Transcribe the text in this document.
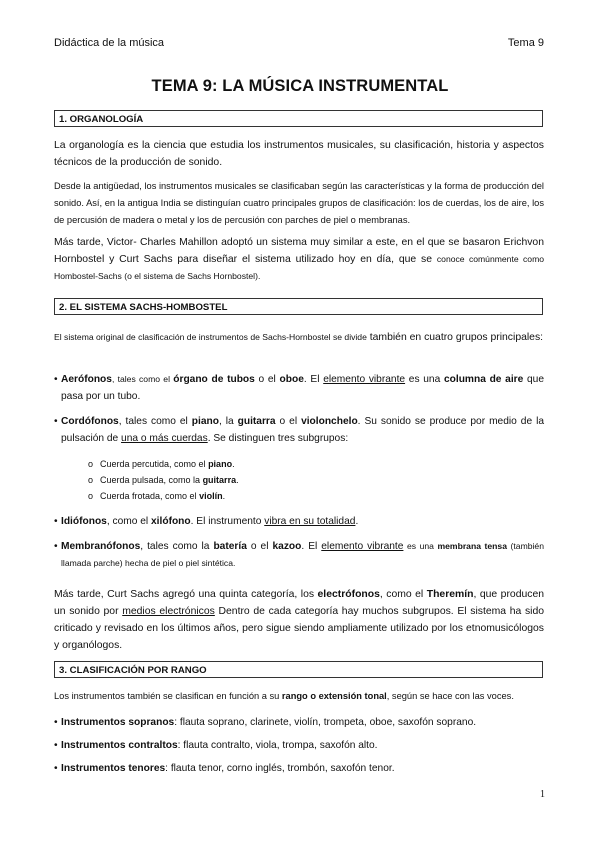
Didáctica de la música	Tema 9
TEMA 9: LA MÚSICA INSTRUMENTAL
1. ORGANOLOGÍA

La organología es la ciencia que estudia los instrumentos musicales, su clasificación, historia y aspectos técnicos de la producción de sonido.

Desde la antigüedad, los instrumentos musicales se clasificaban según las características y la forma de producción del sonido. Así, en la antigua India se distinguían cuatro principales grupos de clasificación: los de cuerdas, los de aire, los de percusión de madera o metal y los de percusión con parches de piel o membranas.

Más tarde, Victor- Charles Mahillon adoptó un sistema muy similar a este, en el que se basaron Erichvon Hornbostel y Curt Sachs para diseñar el sistema utilizado hoy en día, que se conoce comúnmente como Hombostel-Sachs (o el sistema de Sachs Hornbostel).

2. EL SISTEMA SACHS-HOMBOSTEL

El sistema original de clasificación de instrumentos de Sachs-Hornbostel se divide también en cuatro grupos principales:

• Aerófonos, tales como el órgano de tubos o el oboe. El elemento vibrante es una columna de aire que pasa por un tubo.
• Cordófonos, tales como el piano, la guitarra o el violonchelo. Su sonido se produce por medio de la pulsación de una o más cuerdas. Se distinguen tres subgrupos:
o Cuerda percutida, como el piano.
o Cuerda pulsada, como la guitarra.
o Cuerda frotada, como el violín.
• Idiófonos, como el xilófono. El instrumento vibra en su totalidad.
• Membranófonos, tales como la batería o el kazoo. El elemento vibrante es una membrana tensa (también llamada parche) hecha de piel o piel sintética.

Más tarde, Curt Sachs agregó una quinta categoría, los electrófonos, como el Theremín, que producen un sonido por medios electrónicos Dentro de cada categoría hay muchos subgrupos. El sistema ha sido criticado y revisado en los últimos años, pero sigue siendo ampliamente utilizado por los etnomusicólogos y organólogos.

3. CLASIFICACIÓN POR RANGO

Los instrumentos también se clasifican en función a su rango o extensión tonal, según se hace con las voces.

• Instrumentos sopranos: flauta soprano, clarinete, violín, trompeta, oboe, saxofón soprano.
• Instrumentos contraltos: flauta contralto, viola, trompa, saxofón alto.
• Instrumentos tenores: flauta tenor, corno inglés, trombón, saxofón tenor.
1
